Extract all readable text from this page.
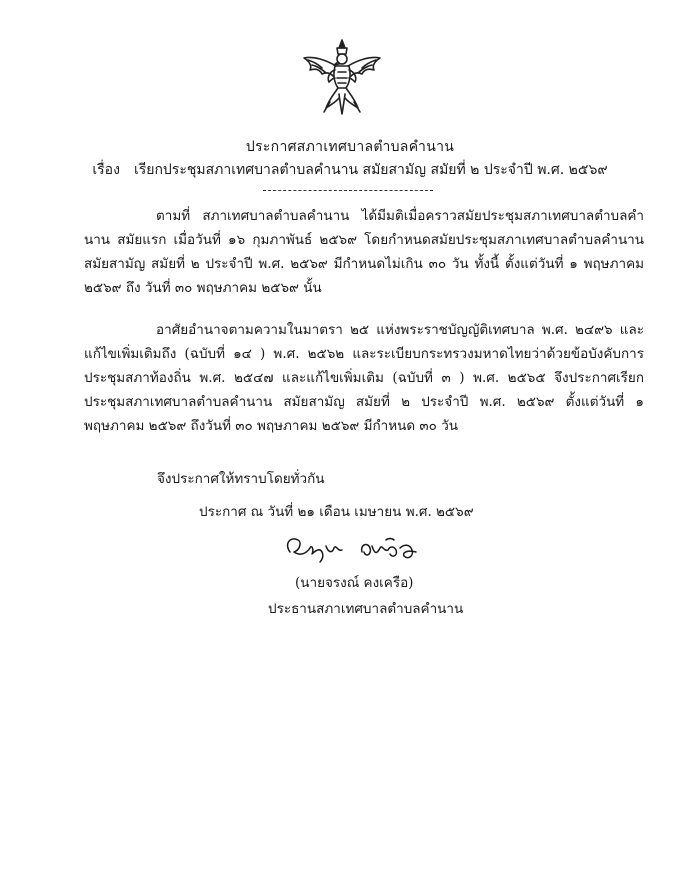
ประกาศสภาเทศบาลตำบลคำนาน
เรื่อง เรียกประชุมสภาเทศบาลตำบลคำนาน สมัยสามัญ สมัยที่ ๒ ประจำปี พ.ศ. ๒๕๖๙
ตามที่ สภาเทศบาลตำบลคำนาน ได้มีมติเมื่อคราวสมัยประชุมสภาเทศบาลตำบลคำนาน สมัยแรก เมื่อวันที่ ๑๖ กุมภาพันธ์ ๒๕๖๙ โดยกำหนดสมัยประชุมสภาเทศบาลตำบลคำนาน สมัยสามัญ สมัยที่ ๒ ประจำปี พ.ศ. ๒๕๖๙ มีกำหนดไม่เกิน ๓๐ วัน ทั้งนี้ ตั้งแต่วันที่ ๑ พฤษภาคม ๒๕๖๙ ถึง วันที่ ๓๐ พฤษภาคม ๒๕๖๙ นั้น
อาศัยอำนาจตามความในมาตรา ๒๕ แห่งพระราชบัญญัติเทศบาล พ.ศ. ๒๔๙๖ และแก้ไขเพิ่มเติมถึง (ฉบับที่ ๑๔ ) พ.ศ. ๒๕๖๒ และระเบียบกระทรวงมหาดไทยว่าด้วยข้อบังคับการประชุมสภาท้องถิ่น พ.ศ. ๒๕๔๗ และแก้ไขเพิ่มเติม (ฉบับที่ ๓ ) พ.ศ. ๒๕๖๕ จึงประกาศเรียกประชุมสภาเทศบาลตำบลคำนาน สมัยสามัญ สมัยที่ ๒ ประจำปี พ.ศ. ๒๕๖๙ ตั้งแต่วันที่ ๑ พฤษภาคม ๒๕๖๙ ถึงวันที่ ๓๐ พฤษภาคม ๒๕๖๙ มีกำหนด ๓๐ วัน
จึงประกาศให้ทราบโดยทั่วกัน
ประกาศ ณ วันที่ ๒๑ เดือน เมษายน พ.ศ. ๒๕๖๙
(นายจรงณ์ คงเครือ)
ประธานสภาเทศบาลตำบลคำนาน
